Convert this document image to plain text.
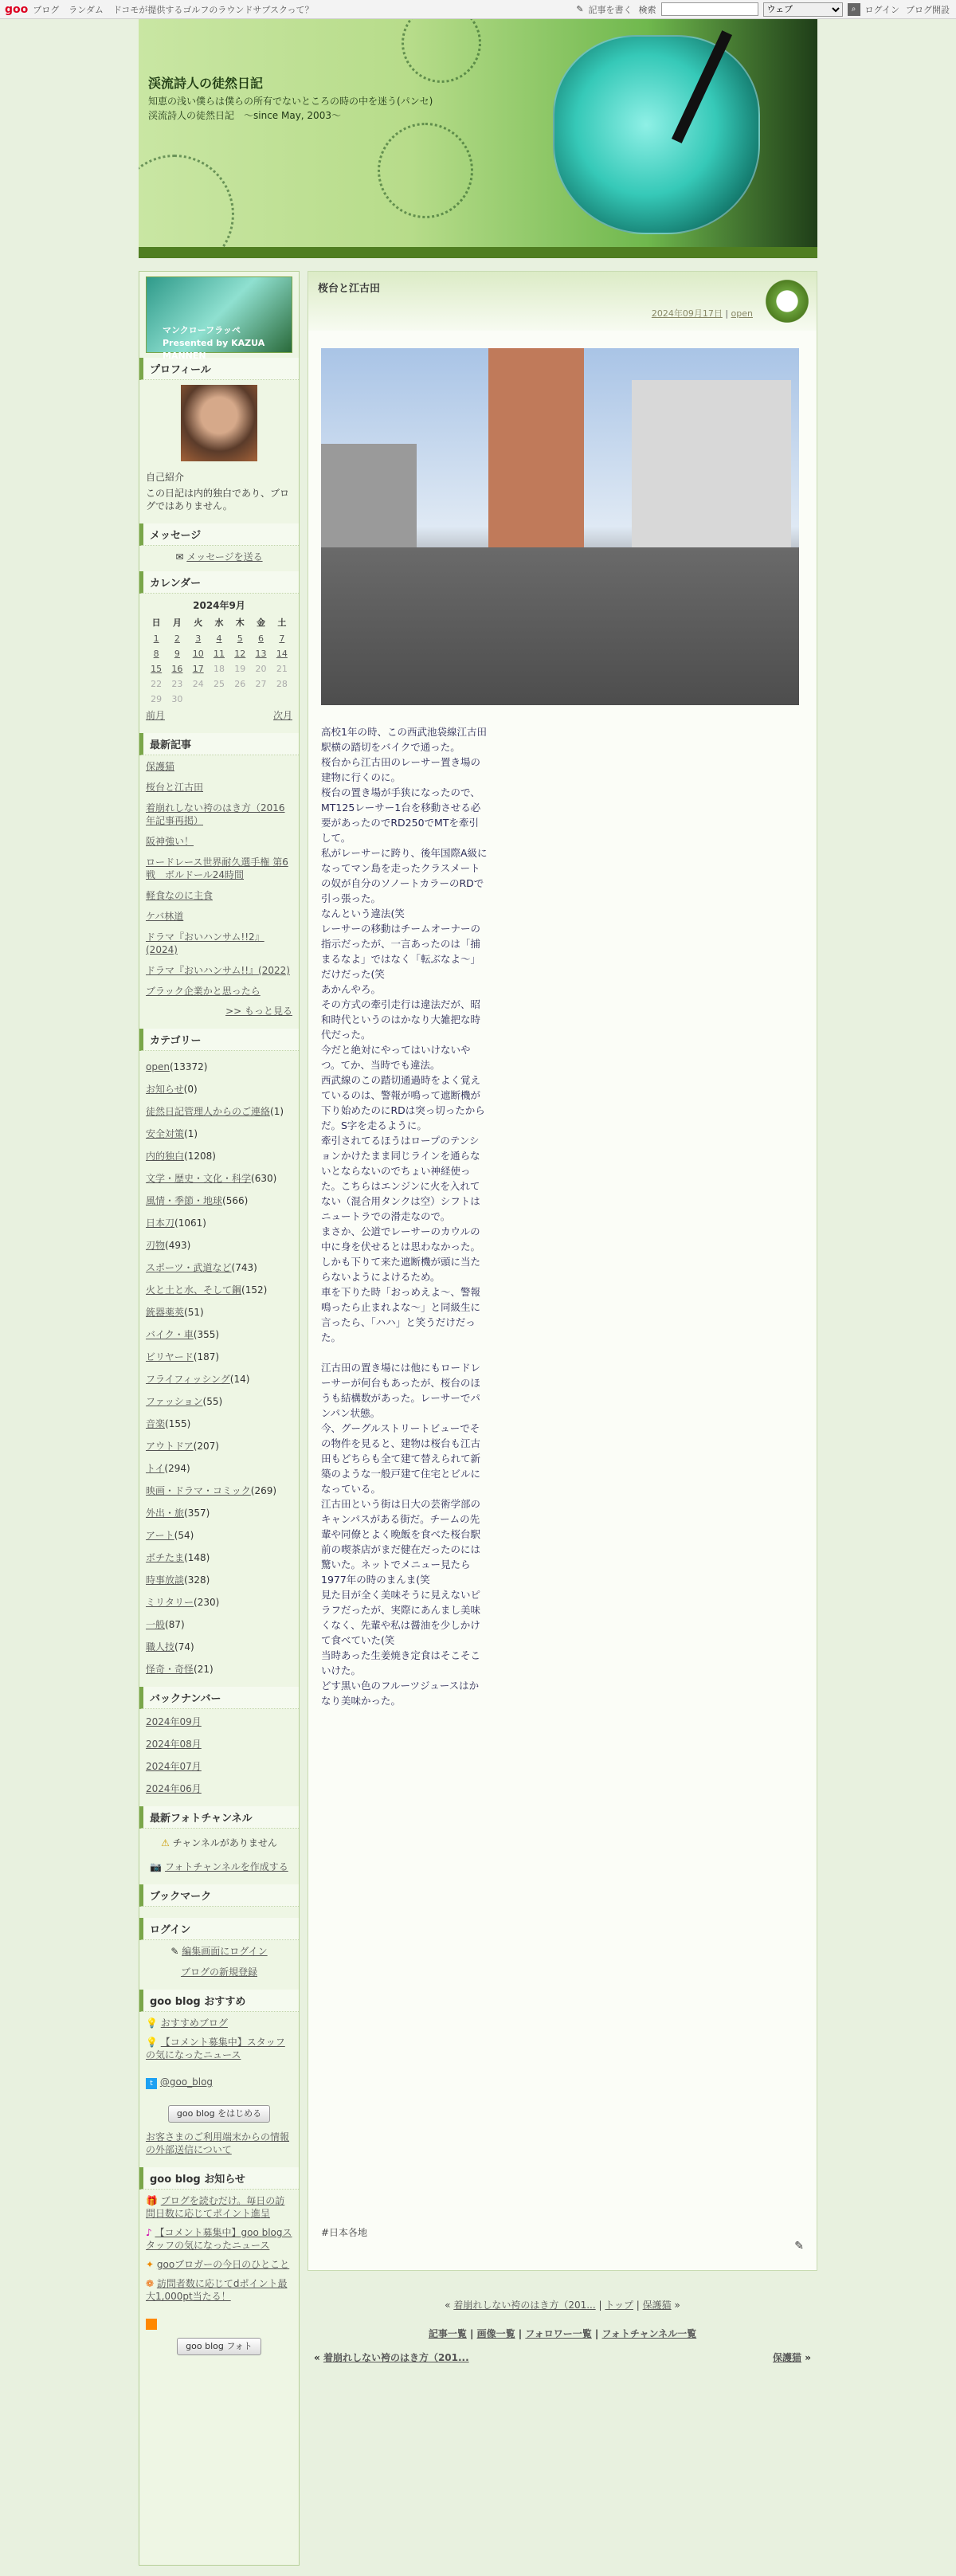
goo ブログ ランダム ドコモが提供するゴルフのラウンドサブスクって？	✎ 記事を書く 検索
ウェブ	⌕	ログイン ブログ開設
渓流詩人の徒然日記
知恵の浅い僕らは僕らの所有でないところの時の中を迷う(パンセ)　渓流詩人の徒然日記　～since May, 2003～
マンクローフラッペ Presented by KAZUA MANNEN
プロフィール

自己紹介

この日記は内的独白であり、ブログではありません。

メッセージ

✉ メッセージを送る

カレンダー
2024年9月
日	月	火	水	木	金	土
1	2	3	4	5	6	7
8	9	10	11	12	13	14
15	16	17	18	19	20	21
22	23	24	25	26	27	28
29	30					
前月	次月
最新記事
保護猫
桜台と江古田
着崩れしない袴のはき方（2016年記事再掲）
阪神強い！
ロードレース世界耐久選手権 第6戦　ボルドール24時間
軽食なのに主食
ケバ林道
ドラマ『おいハンサム!!2』(2024)
ドラマ『おいハンサム!!』(2022)
ブラック企業かと思ったら
>> もっと見る
カテゴリー
open(13372)
お知らせ(0)
徒然日記管理人からのご連絡(1)
安全対策(1)
内的独白(1208)
文学・歴史・文化・科学(630)
風情・季節・地球(566)
日本刀(1061)
刃物(493)
スポーツ・武道など(743)
火と土と水、そして鋼(152)
銃器薬莢(51)
バイク・車(355)
ビリヤード(187)
フライフィッシング(14)
ファッション(55)
音楽(155)
アウトドア(207)
トイ(294)
映画・ドラマ・コミック(269)
外出・旅(357)
アート(54)
ボチたま(148)
時事放談(328)
ミリタリー(230)
一般(87)
職人技(74)
怪奇・奇怪(21)
バックナンバー
2024年09月
2024年08月
2024年07月
2024年06月
最新フォトチャンネル

⚠ チャンネルがありません

📷 フォトチャンネルを作成する

ブックマーク
ログイン

✎ 編集画面にログイン

ブログの新規登録

goo blog おすすめ

💡 おすすめブログ

💡 【コメント募集中】スタッフの気になったニュース

t @goo_blog

goo blog をはじめる

お客さまのご利用端末からの情報の外部送信について

goo blog お知らせ

🎁 ブログを読むだけ。毎日の訪問日数に応じてポイント進呈

♪ 【コメント募集中】goo blogスタッフの気になったニュース

✦ gooブロガーの今日のひとこと

❁ 訪問者数に応じてdポイント最大1,000pt当たる！

goo blog フォト

桜台と江古田
2024年09月17日 | open
高校1年の時、この西武池袋線江古田駅横の踏切をバイクで通った。
桜台から江古田のレーサー置き場の建物に行くのに。
桜台の置き場が手狭になったので、MT125レーサー1台を移動させる必要があったのでRD250でMTを牽引して。
私がレーサーに跨り、後年国際A級になってマン島を走ったクラスメートの奴が自分のソノートカラーのRDで引っ張った。
なんという違法(笑
レーサーの移動はチームオーナーの指示だったが、一言あったのは「捕まるなよ」ではなく「転ぶなよ〜」だけだった(笑
あかんやろ。
その方式の牽引走行は違法だが、昭和時代というのはかなり大雑把な時代だった。
今だと絶対にやってはいけないやつ。てか、当時でも違法。
西武線のこの踏切通過時をよく覚えているのは、警報が鳴って遮断機が下り始めたのにRDは突っ切ったからだ。S字を走るように。
牽引されてるほうはロープのテンションかけたまま同じラインを通らないとならないのでちょい神経使った。こちらはエンジンに火を入れてない（混合用タンクは空）シフトはニュートラでの滑走なので。
まさか、公道でレーサーのカウルの中に身を伏せるとは思わなかった。しかも下りて来た遮断機が頭に当たらないようによけるため。
車を下りた時「おっめえよ〜、警報鳴ったら止まれよな〜」と同級生に言ったら、「ハハ」と笑うだけだった。

江古田の置き場には他にもロードレーサーが何台もあったが、桜台のほうも結構数があった。レーサーでパンパン状態。
今、グーグルストリートビューでその物件を見ると、建物は桜台も江古田もどちらも全て建て替えられて新築のような一般戸建て住宅とビルになっている。
江古田という街は日大の芸術学部のキャンパスがある街だ。チームの先輩や同僚とよく晩飯を食べた桜台駅前の喫茶店がまだ健在だったのには驚いた。ネットでメニュー見たら1977年の時のまんま(笑
見た目が全く美味そうに見えないピラフだったが、実際にあんまし美味くなく、先輩や私は醤油を少しかけて食べていた(笑
当時あった生姜焼き定食はそこそこいけた。
どす黒い色のフルーツジュースはかなり美味かった。
#日本各地
✎
« 着崩れしない袴のはき方（201... | トップ | 保護猫 »
記事一覧 | 画像一覧 | フォロワー一覧 | フォトチャンネル一覧
« 着崩れしない袴のはき方（201...	保護猫 »
